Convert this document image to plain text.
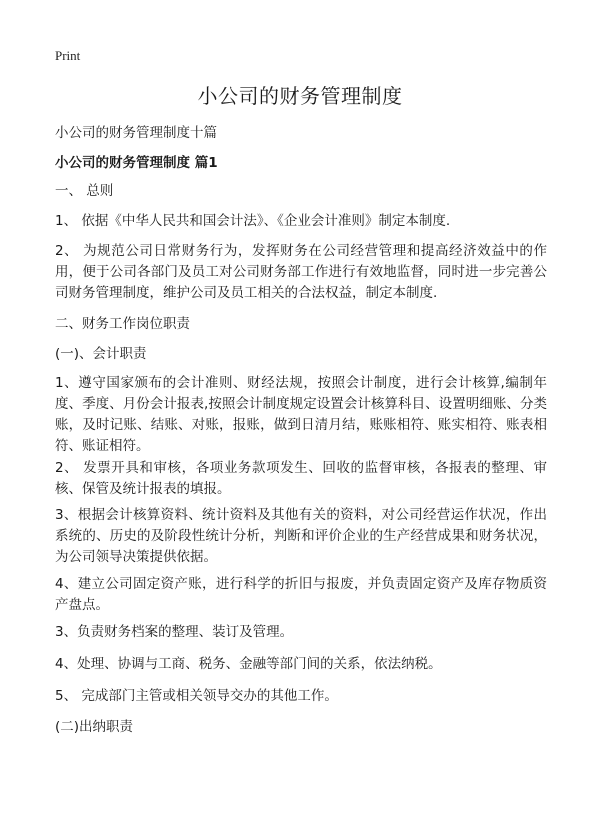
Print
小公司的财务管理制度
小公司的财务管理制度十篇
小公司的财务管理制度 篇1
一、 总则
1、 依据《中华人民共和国会计法》、《企业会计准则》制定本制度.
2、 为规范公司日常财务行为，发挥财务在公司经营管理和提高经济效益中的作用，便于公司各部门及员工对公司财务部工作进行有效地监督，同时进一步完善公司财务管理制度，维护公司及员工相关的合法权益，制定本制度.
二、财务工作岗位职责
(一)、会计职责
1、遵守国家颁布的会计准则、财经法规，按照会计制度，进行会计核算,编制年度、季度、月份会计报表,按照会计制度规定设置会计核算科目、设置明细账、分类账，及时记账、结账、对账，报账，做到日清月结，账账相符、账实相符、账表相符、账证相符。
2、 发票开具和审核，各项业务款项发生、回收的监督审核，各报表的整理、审核、保管及统计报表的填报。
3、根据会计核算资料、统计资料及其他有关的资料，对公司经营运作状况，作出系统的、历史的及阶段性统计分析，判断和评价企业的生产经营成果和财务状况，为公司领导决策提供依据。
4、建立公司固定资产账，进行科学的折旧与报废，并负责固定资产及库存物质资产盘点。
3、负责财务档案的整理、装订及管理。
4、处理、协调与工商、税务、金融等部门间的关系，依法纳税。
5、 完成部门主管或相关领导交办的其他工作。
(二)出纳职责
